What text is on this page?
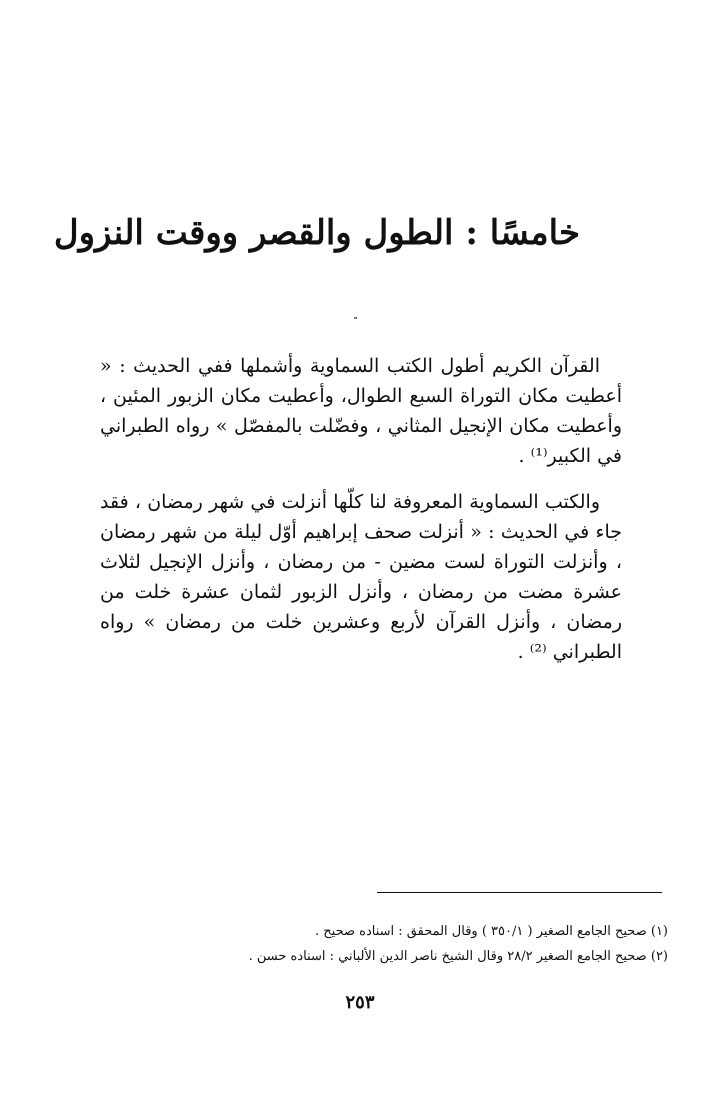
خامسًا : الطول والقصر ووقت النزول

القرآن الكريم أطول الكتب السماوية وأشملها ففي الحديث : « أعطيت مكان التوراة السبع الطوال، وأعطيت مكان الزبور المئين ، وأعطيت مكان الإنجيل المثاني ، وفضّلت بالمفصّل » رواه الطبراني في الكبير⁽¹⁾ .

والكتب السماوية المعروفة لنا كلّها أنزلت في شهر رمضان ، فقد جاء في الحديث : « أنزلت صحف إبراهيم أوّل ليلة من شهر رمضان ، وأنزلت التوراة لست مضين - من رمضان ، وأنزل الإنجيل لثلاث عشرة مضت من رمضان ، وأنزل الزبور لثمان عشرة خلت من رمضان ، وأنزل القرآن لأربع وعشرين خلت من رمضان » رواه الطبراني ⁽²⁾ .

(١) صحيح الجامع الصغير ( ٣٥٠/١ ) وقال المحقق : اسناده صحيح .

(٢) صحيح الجامع الصغير ٢٨/٢ وقال الشيخ ناصر الدين الألباني : اسناده حسن .

٢٥٣
